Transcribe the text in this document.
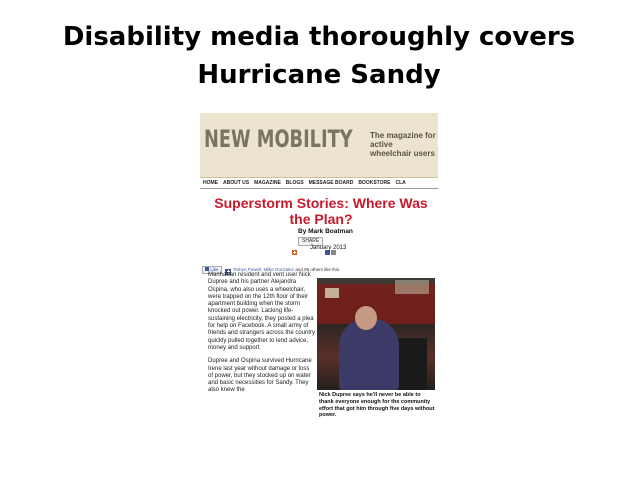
Disability media thoroughly covers
Hurricane Sandy
NEW MOBILITY The magazine for active wheelchair users
HOME ABOUT US MAGAZINE BLOGS MESSAGE BOARD BOOKSTORE CLA
Superstorm Stories: Where Was the Plan?
By Mark Boatman
SHARE
January 2013
Like	Robyn Powell, Millie Gonzalez and 96 others like this.

Manhattan resident and vent user Nick Dupree and his partner Alejandra Ospina, who also uses a wheelchair, were trapped on the 12th floor of their apartment building when the storm knocked out power. Lacking life-sustaining electricity, they posted a plea for help on Facebook. A small army of friends and strangers across the country quickly pulled together to lend advice, money and support.

Dupree and Ospina survived Hurricane Irene last year without damage or loss of power, but they stocked up on water and basic necessities for Sandy. They also knew the

Nick Dupree says he'll never be able to thank everyone enough for the community effort that got him through five days without power.
